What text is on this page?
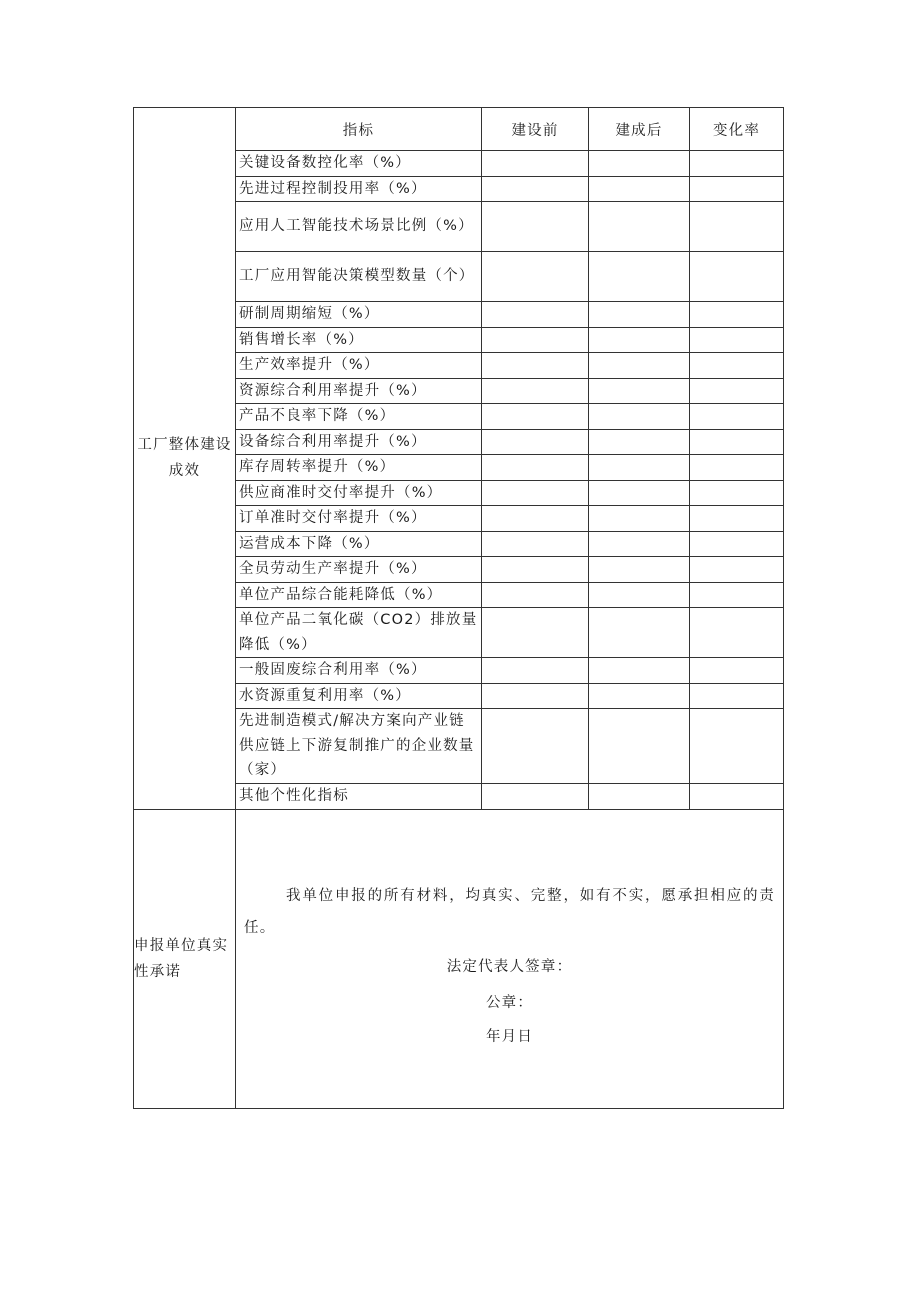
工厂整体建设成效	指标	建设前	建成后	变化率
	关键设备数控化率（%）			
	先进过程控制投用率（%）			
	应用人工智能技术场景比例（%）			
	工厂应用智能决策模型数量（个）			
	研制周期缩短（%）			
	销售增长率（%）			
	生产效率提升（%）			
	资源综合利用率提升（%）			
	产品不良率下降（%）			
	设备综合利用率提升（%）			
	库存周转率提升（%）			
	供应商准时交付率提升（%）			
	订单准时交付率提升（%）			
	运营成本下降（%）			
	全员劳动生产率提升（%）			
	单位产品综合能耗降低（%）			
	单位产品二氧化碳（CO2）排放量降低（%）			
	一般固废综合利用率（%）			
	水资源重复利用率（%）			
	先进制造模式/解决方案向产业链供应链上下游复制推广的企业数量（家）			
	其他个性化指标			
申报单位真实性承诺	我单位申报的所有材料，均真实、完整，如有不实，愿承担相应的责任。

法定代表人签章：

公章：

年月日			
